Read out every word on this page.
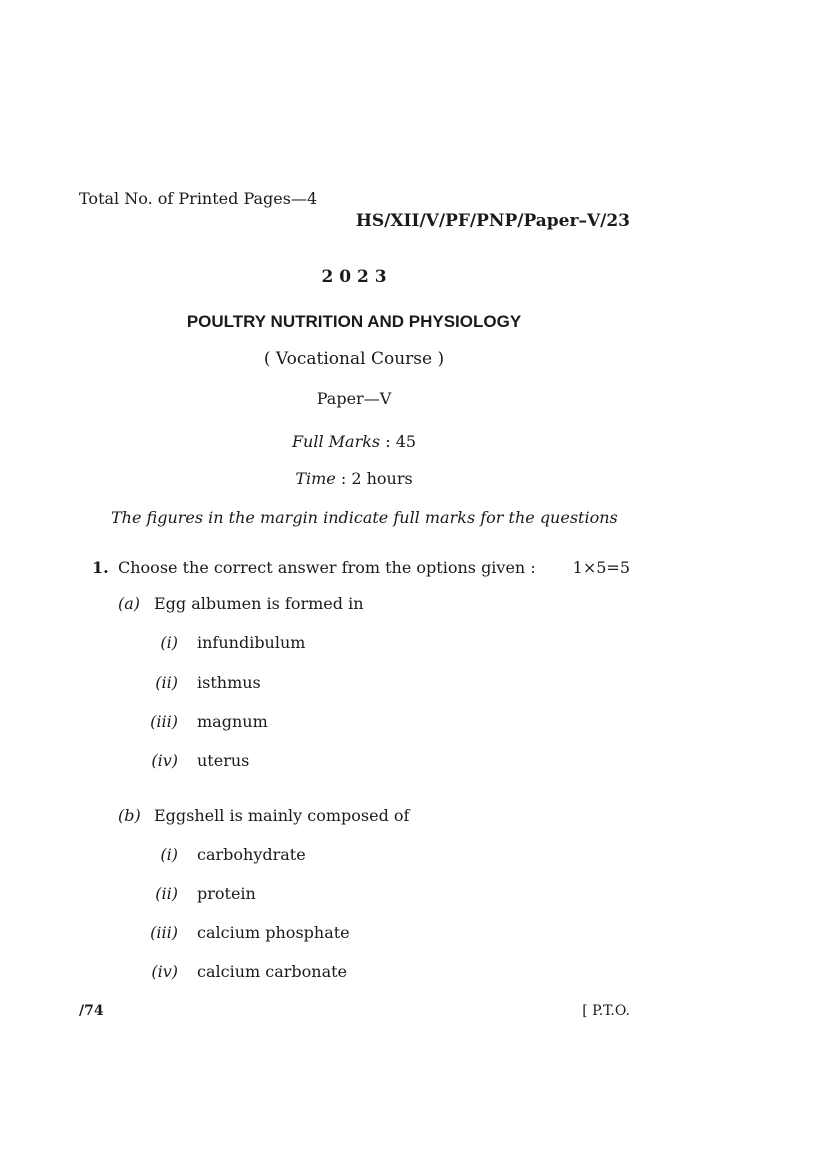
Total No. of Printed Pages—4
HS/XII/V/PF/PNP/Paper–V/23
2 0 2 3
POULTRY NUTRITION AND PHYSIOLOGY
( Vocational Course )
Paper—V
Full Marks : 45
Time : 2 hours
The figures in the margin indicate full marks for the questions
1. Choose the correct answer from the options given : 1×5=5
(a) Egg albumen is formed in
(i) infundibulum
(ii) isthmus
(iii) magnum
(iv) uterus
(b) Eggshell is mainly composed of
(i) carbohydrate
(ii) protein
(iii) calcium phosphate
(iv) calcium carbonate
/74	[ P.T.O.
